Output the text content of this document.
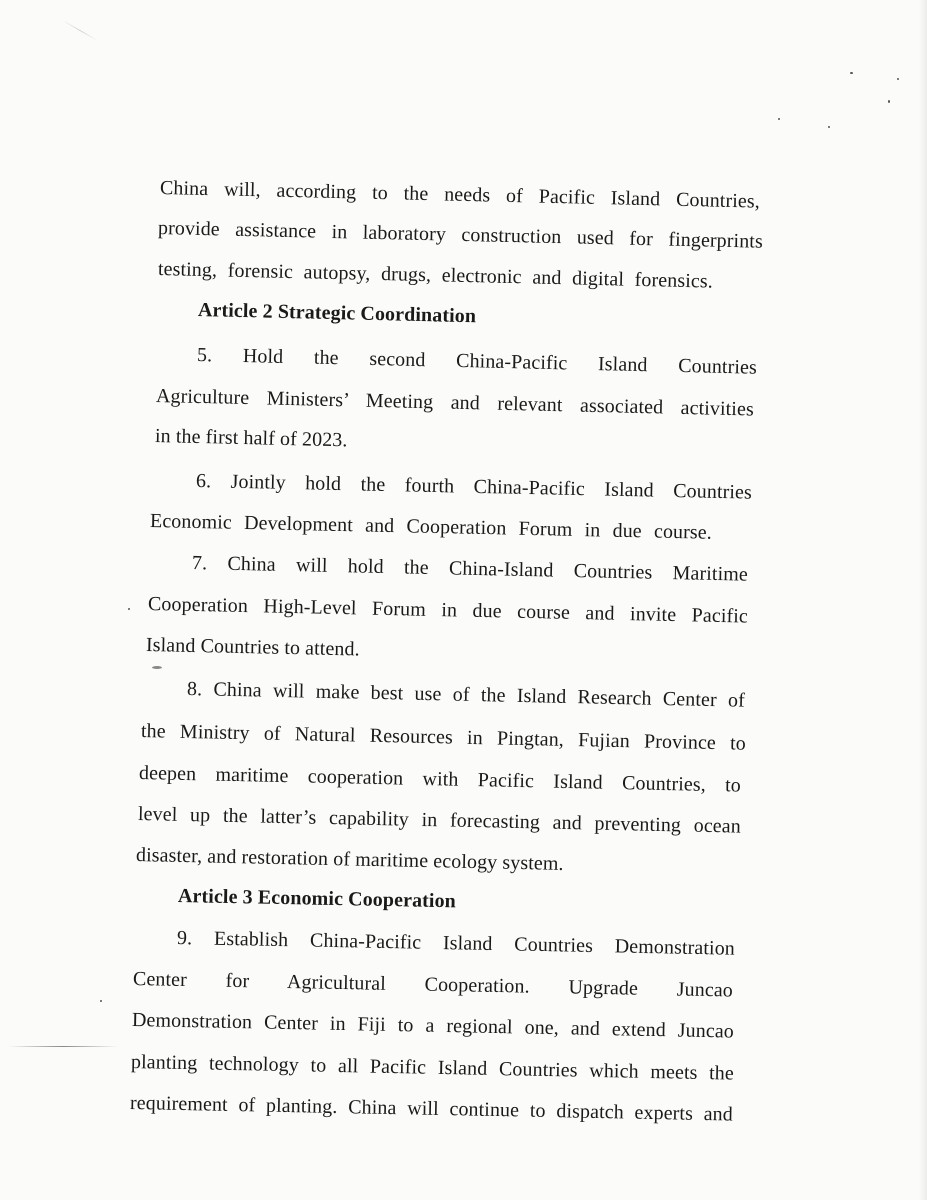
China will, according to the needs of Pacific Island Countries,
provide assistance in laboratory construction used for fingerprints
testing, forensic autopsy, drugs, electronic and digital forensics.
Article 2 Strategic Coordination
5. Hold the second China-Pacific Island Countries
Agriculture Ministers’ Meeting and relevant associated activities
in the first half of 2023.
6. Jointly hold the fourth China-Pacific Island Countries
Economic Development and Cooperation Forum in due course.
7. China will hold the China-Island Countries Maritime
Cooperation High-Level Forum in due course and invite Pacific
Island Countries to attend.
8. China will make best use of the Island Research Center of
the Ministry of Natural Resources in Pingtan, Fujian Province to
deepen maritime cooperation with Pacific Island Countries, to
level up the latter’s capability in forecasting and preventing ocean
disaster, and restoration of maritime ecology system.
Article 3 Economic Cooperation
9. Establish China-Pacific Island Countries Demonstration
Center for Agricultural Cooperation. Upgrade Juncao
Demonstration Center in Fiji to a regional one, and extend Juncao
planting technology to all Pacific Island Countries which meets the
requirement of planting. China will continue to dispatch experts and
